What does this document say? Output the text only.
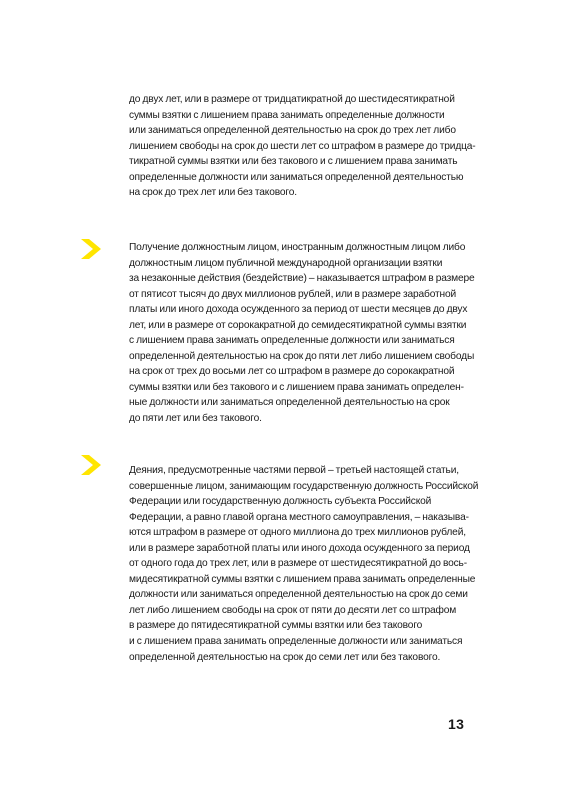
до двух лет, или в размере от тридцатикратной до шестидесятикратной
суммы взятки с лишением права занимать определенные должности
или заниматься определенной деятельностью на срок до трех лет либо
лишением свободы на срок до шести лет со штрафом в размере до тридца-
тикратной суммы взятки или без такового и с лишением права занимать
определенные должности или заниматься определенной деятельностью
на срок до трех лет или без такового.
Получение должностным лицом, иностранным должностным лицом либо
должностным лицом публичной международной организации взятки
за незаконные действия (бездействие) – наказывается штрафом в размере
от пятисот тысяч до двух миллионов рублей, или в размере заработной
платы или иного дохода осужденного за период от шести месяцев до двух
лет, или в размере от сорокакратной до семидесятикратной суммы взятки
с лишением права занимать определенные должности или заниматься
определенной деятельностью на срок до пяти лет либо лишением свободы
на срок от трех до восьми лет со штрафом в размере до сорокакратной
суммы взятки или без такового и с лишением права занимать определен-
ные должности или заниматься определенной деятельностью на срок
до пяти лет или без такового.
Деяния, предусмотренные частями первой – третьей настоящей статьи,
совершенные лицом, занимающим государственную должность Российской
Федерации или государственную должность субъекта Российской
Федерации, а равно главой органа местного самоуправления, – наказыва-
ются штрафом в размере от одного миллиона до трех миллионов рублей,
или в размере заработной платы или иного дохода осужденного за период
от одного года до трех лет, или в размере от шестидесятикратной до вось-
мидесятикратной суммы взятки с лишением права занимать определенные
должности или заниматься определенной деятельностью на срок до семи
лет либо лишением свободы на срок от пяти до десяти лет со штрафом
в размере до пятидесятикратной суммы взятки или без такового
и с лишением права занимать определенные должности или заниматься
определенной деятельностью на срок до семи лет или без такового.
13
